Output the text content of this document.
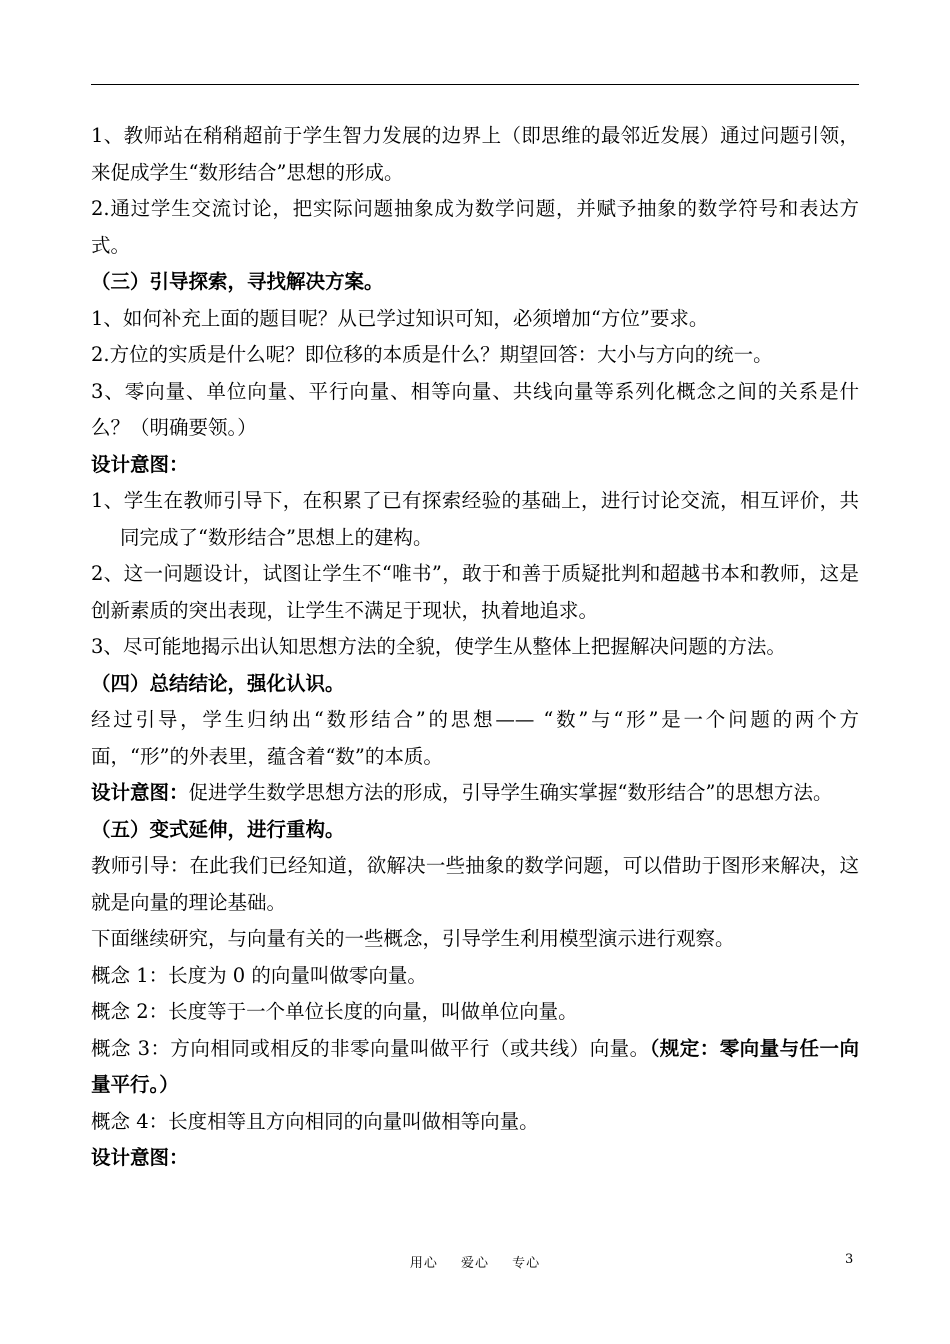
1、教师站在稍稍超前于学生智力发展的边界上（即思维的最邻近发展）通过问题引领，来促成学生“数形结合”思想的形成。

2.通过学生交流讨论，把实际问题抽象成为数学问题，并赋予抽象的数学符号和表达方式。

（三）引导探索，寻找解决方案。

1、如何补充上面的题目呢？从已学过知识可知，必须增加“方位”要求。

2.方位的实质是什么呢？即位移的本质是什么？期望回答：大小与方向的统一。

3、零向量、单位向量、平行向量、相等向量、共线向量等系列化概念之间的关系是什么？（明确要领。）

设计意图：

1、学生在教师引导下，在积累了已有探索经验的基础上，进行讨论交流，相互评价，共同完成了“数形结合”思想上的建构。

2、这一问题设计，试图让学生不“唯书”，敢于和善于质疑批判和超越书本和教师，这是创新素质的突出表现，让学生不满足于现状，执着地追求。

3、尽可能地揭示出认知思想方法的全貌，使学生从整体上把握解决问题的方法。

（四）总结结论，强化认识。

经过引导，学生归纳出“数形结合”的思想—— “数”与“形”是一个问题的两个方面，“形”的外表里，蕴含着“数”的本质。

设计意图：促进学生数学思想方法的形成，引导学生确实掌握“数形结合”的思想方法。

（五）变式延伸，进行重构。

教师引导：在此我们已经知道，欲解决一些抽象的数学问题，可以借助于图形来解决，这就是向量的理论基础。

下面继续研究，与向量有关的一些概念，引导学生利用模型演示进行观察。

概念 1：长度为 0 的向量叫做零向量。

概念 2：长度等于一个单位长度的向量，叫做单位向量。

概念 3：方向相同或相反的非零向量叫做平行（或共线）向量。（规定：零向量与任一向量平行。）

概念 4：长度相等且方向相同的向量叫做相等向量。

设计意图：

用心 爱心 专心	3
